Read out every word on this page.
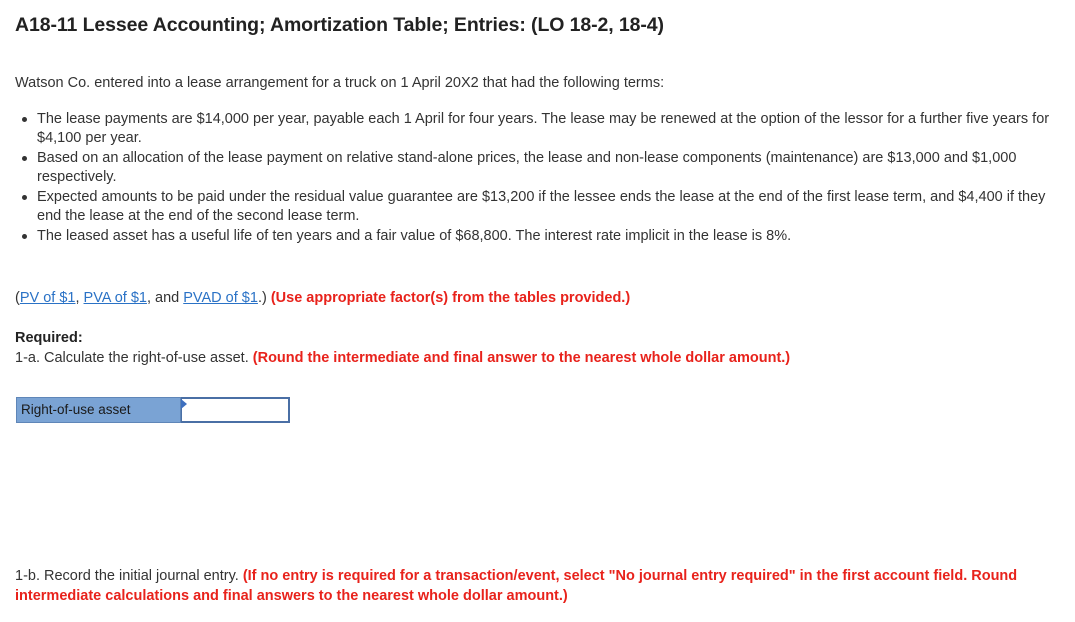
A18-11 Lessee Accounting; Amortization Table; Entries: (LO 18-2, 18-4)
Watson Co. entered into a lease arrangement for a truck on 1 April 20X2 that had the following terms:
The lease payments are $14,000 per year, payable each 1 April for four years. The lease may be renewed at the option of the lessor for a further five years for $4,100 per year.
Based on an allocation of the lease payment on relative stand-alone prices, the lease and non-lease components (maintenance) are $13,000 and $1,000 respectively.
Expected amounts to be paid under the residual value guarantee are $13,200 if the lessee ends the lease at the end of the first lease term, and $4,400 if they end the lease at the end of the second lease term.
The leased asset has a useful life of ten years and a fair value of $68,800. The interest rate implicit in the lease is 8%.
(PV of $1, PVA of $1, and PVAD of $1.) (Use appropriate factor(s) from the tables provided.)
Required:
1-a. Calculate the right-of-use asset. (Round the intermediate and final answer to the nearest whole dollar amount.)
Right-of-use asset
1-b. Record the initial journal entry. (If no entry is required for a transaction/event, select "No journal entry required" in the first account field. Round intermediate calculations and final answers to the nearest whole dollar amount.)
